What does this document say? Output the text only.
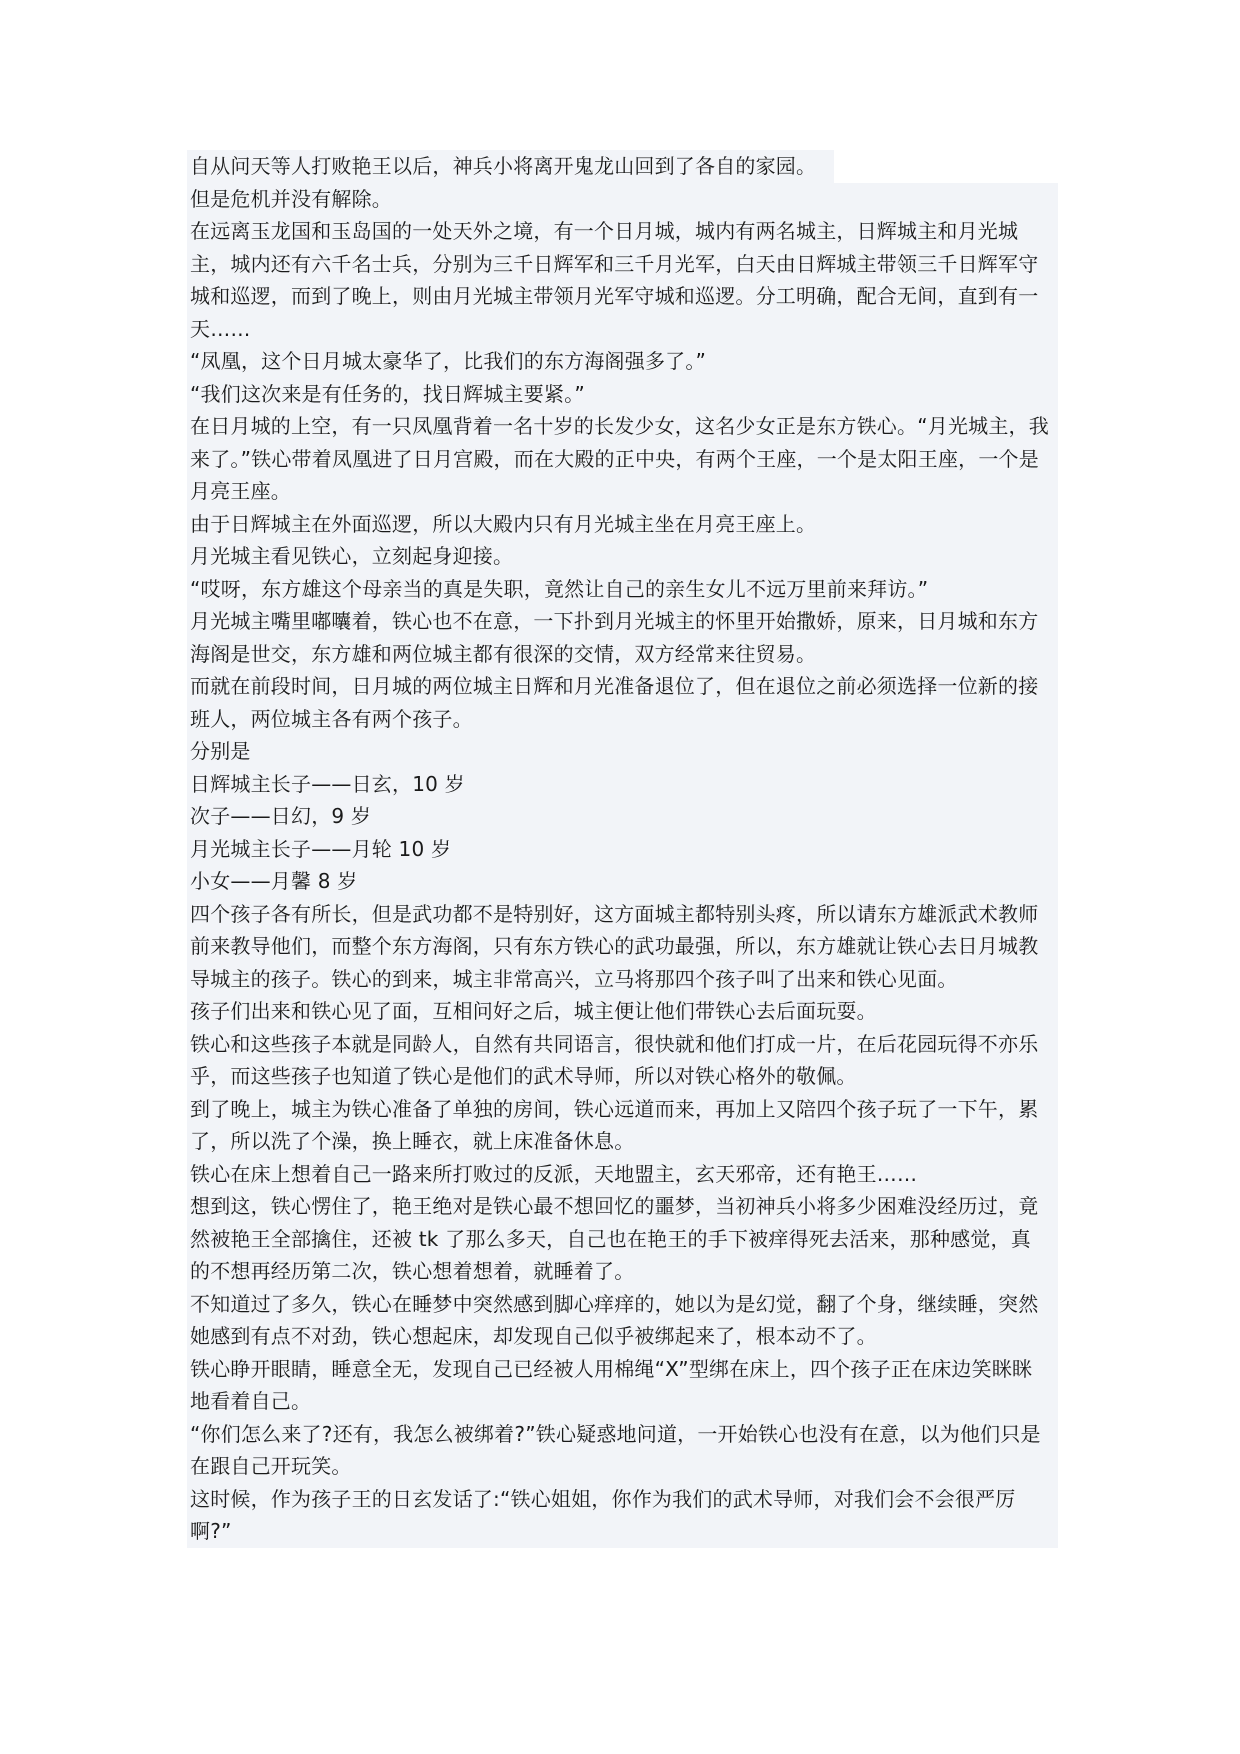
自从问天等人打败艳王以后，神兵小将离开鬼龙山回到了各自的家园。
但是危机并没有解除。
在远离玉龙国和玉岛国的一处天外之境，有一个日月城，城内有两名城主，日辉城主和月光城主，城内还有六千名士兵，分别为三千日辉军和三千月光军，白天由日辉城主带领三千日辉军守城和巡逻，而到了晚上，则由月光城主带领月光军守城和巡逻。分工明确，配合无间，直到有一天……
“凤凰，这个日月城太豪华了，比我们的东方海阁强多了。”
“我们这次来是有任务的，找日辉城主要紧。”
在日月城的上空，有一只凤凰背着一名十岁的长发少女，这名少女正是东方铁心。“月光城主，我来了。”铁心带着凤凰进了日月宫殿，而在大殿的正中央，有两个王座，一个是太阳王座，一个是月亮王座。
由于日辉城主在外面巡逻，所以大殿内只有月光城主坐在月亮王座上。
月光城主看见铁心，立刻起身迎接。
“哎呀，东方雄这个母亲当的真是失职，竟然让自己的亲生女儿不远万里前来拜访。”
月光城主嘴里嘟囔着，铁心也不在意，一下扑到月光城主的怀里开始撒娇，原来，日月城和东方海阁是世交，东方雄和两位城主都有很深的交情，双方经常来往贸易。
而就在前段时间，日月城的两位城主日辉和月光准备退位了，但在退位之前必须选择一位新的接班人，两位城主各有两个孩子。
分别是
日辉城主长子——日玄，10 岁
次子——日幻，9 岁
月光城主长子——月轮 10 岁
小女——月馨 8 岁
四个孩子各有所长，但是武功都不是特别好，这方面城主都特别头疼，所以请东方雄派武术教师前来教导他们，而整个东方海阁，只有东方铁心的武功最强，所以，东方雄就让铁心去日月城教导城主的孩子。铁心的到来，城主非常高兴，立马将那四个孩子叫了出来和铁心见面。
孩子们出来和铁心见了面，互相问好之后，城主便让他们带铁心去后面玩耍。
铁心和这些孩子本就是同龄人，自然有共同语言，很快就和他们打成一片，在后花园玩得不亦乐乎，而这些孩子也知道了铁心是他们的武术导师，所以对铁心格外的敬佩。
到了晚上，城主为铁心准备了单独的房间，铁心远道而来，再加上又陪四个孩子玩了一下午，累了，所以洗了个澡，换上睡衣，就上床准备休息。
铁心在床上想着自己一路来所打败过的反派，天地盟主，玄天邪帝，还有艳王……
想到这，铁心愣住了，艳王绝对是铁心最不想回忆的噩梦，当初神兵小将多少困难没经历过，竟然被艳王全部擒住，还被 tk 了那么多天，自己也在艳王的手下被痒得死去活来，那种感觉，真的不想再经历第二次，铁心想着想着，就睡着了。
不知道过了多久，铁心在睡梦中突然感到脚心痒痒的，她以为是幻觉，翻了个身，继续睡，突然她感到有点不对劲，铁心想起床，却发现自己似乎被绑起来了，根本动不了。
铁心睁开眼睛，睡意全无，发现自己已经被人用棉绳“X”型绑在床上，四个孩子正在床边笑眯眯地看着自己。
“你们怎么来了?还有，我怎么被绑着?”铁心疑惑地问道，一开始铁心也没有在意，以为他们只是在跟自己开玩笑。
这时候，作为孩子王的日玄发话了:“铁心姐姐，你作为我们的武术导师，对我们会不会很严厉啊?”
